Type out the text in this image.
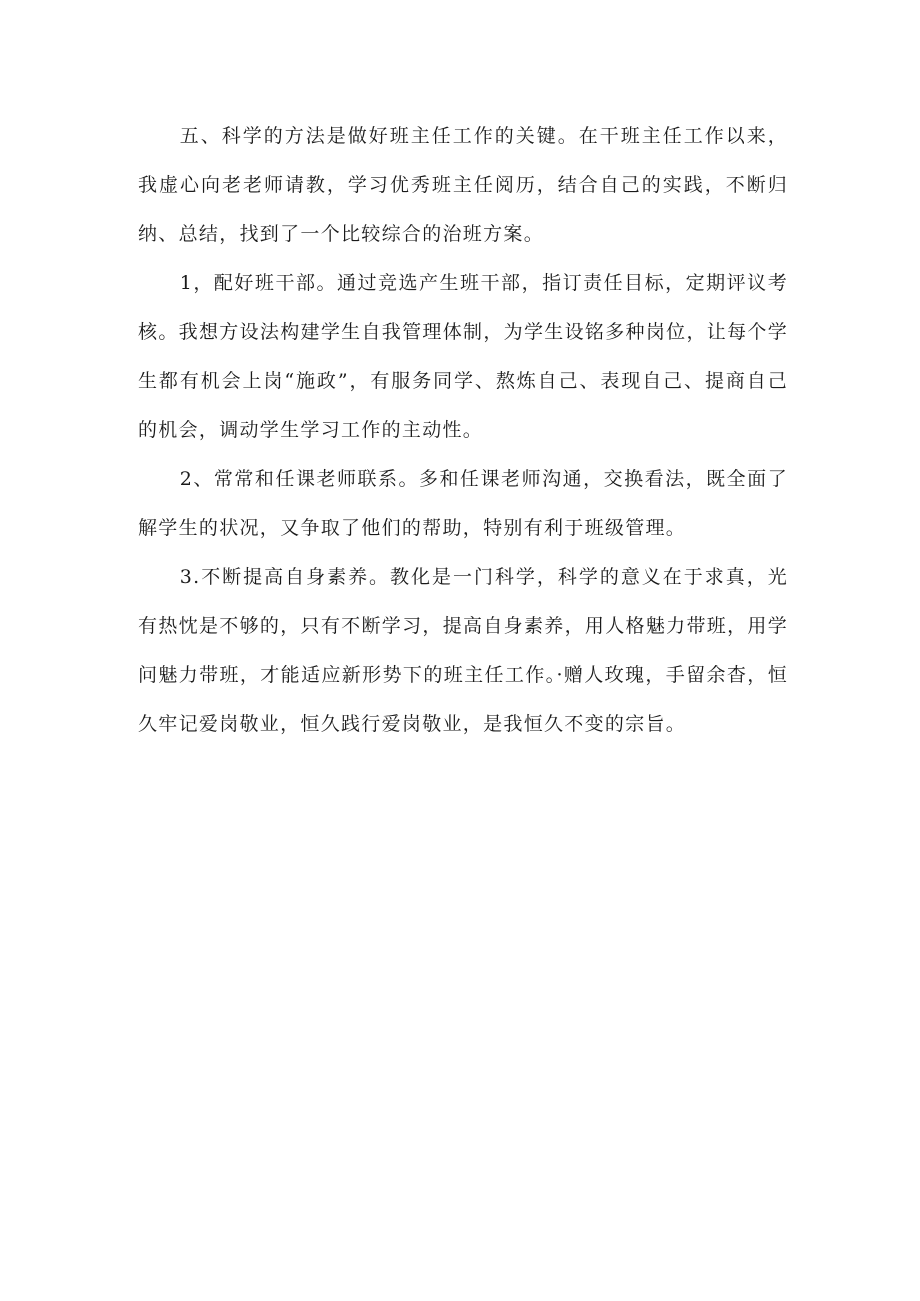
五、科学的方法是做好班主任工作的关键。在干班主任工作以来，我虚心向老老师请教，学习优秀班主任阅历，结合自己的实践，不断归纳、总结，找到了一个比较综合的治班方案。

1，配好班干部。通过竞选产生班干部，指订责任目标，定期评议考核。我想方设法构建学生自我管理体制，为学生设铭多种岗位，让每个学生都有机会上岗“施政”，有服务同学、熬炼自己、表现自己、提商自己的机会，调动学生学习工作的主动性。

2、常常和任课老师联系。多和任课老师沟通，交换看法，既全面了解学生的状况，又争取了他们的帮助，特别有利于班级管理。

3.不断提高自身素养。教化是一门科学，科学的意义在于求真，光有热忱是不够的，只有不断学习，提高自身素养，用人格魅力带班，用学问魅力带班，才能适应新形势下的班主任工作。·赠人玫瑰，手留余杳，恒久牢记爱岗敬业，恒久践行爱岗敬业，是我恒久不变的宗旨。
